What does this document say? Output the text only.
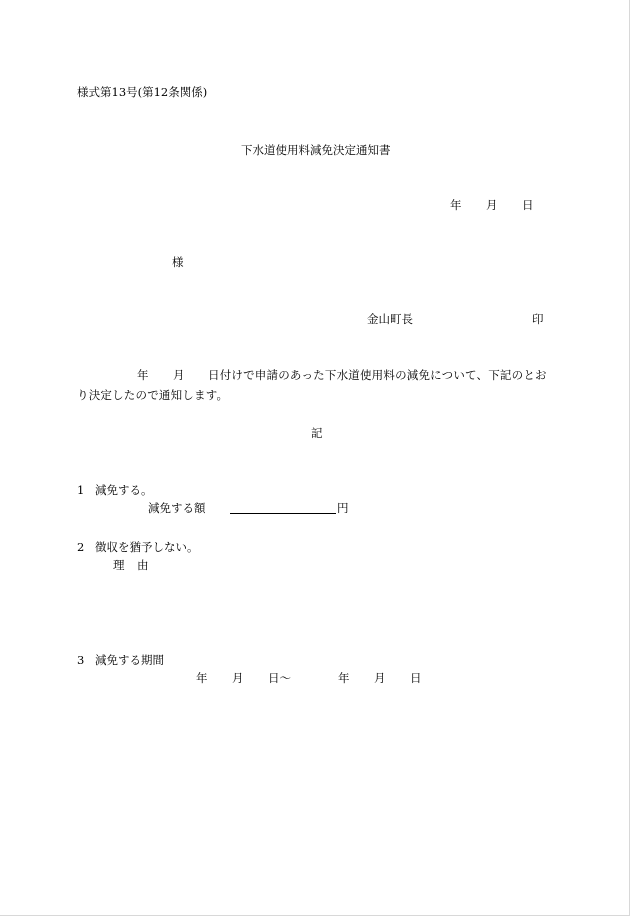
様式第13号(第12条関係)
下水道使用料減免決定通知書
年 月 日
様
金山町長	印
年 月	日付けで申請のあった下水道使用料の減免について、下記のとおり決定したので通知します。
記
1 減免する。
減免する額	円
2 徴収を猶予しない。
理 由
3 減免する期間
年 月 日〜	年 月 日
